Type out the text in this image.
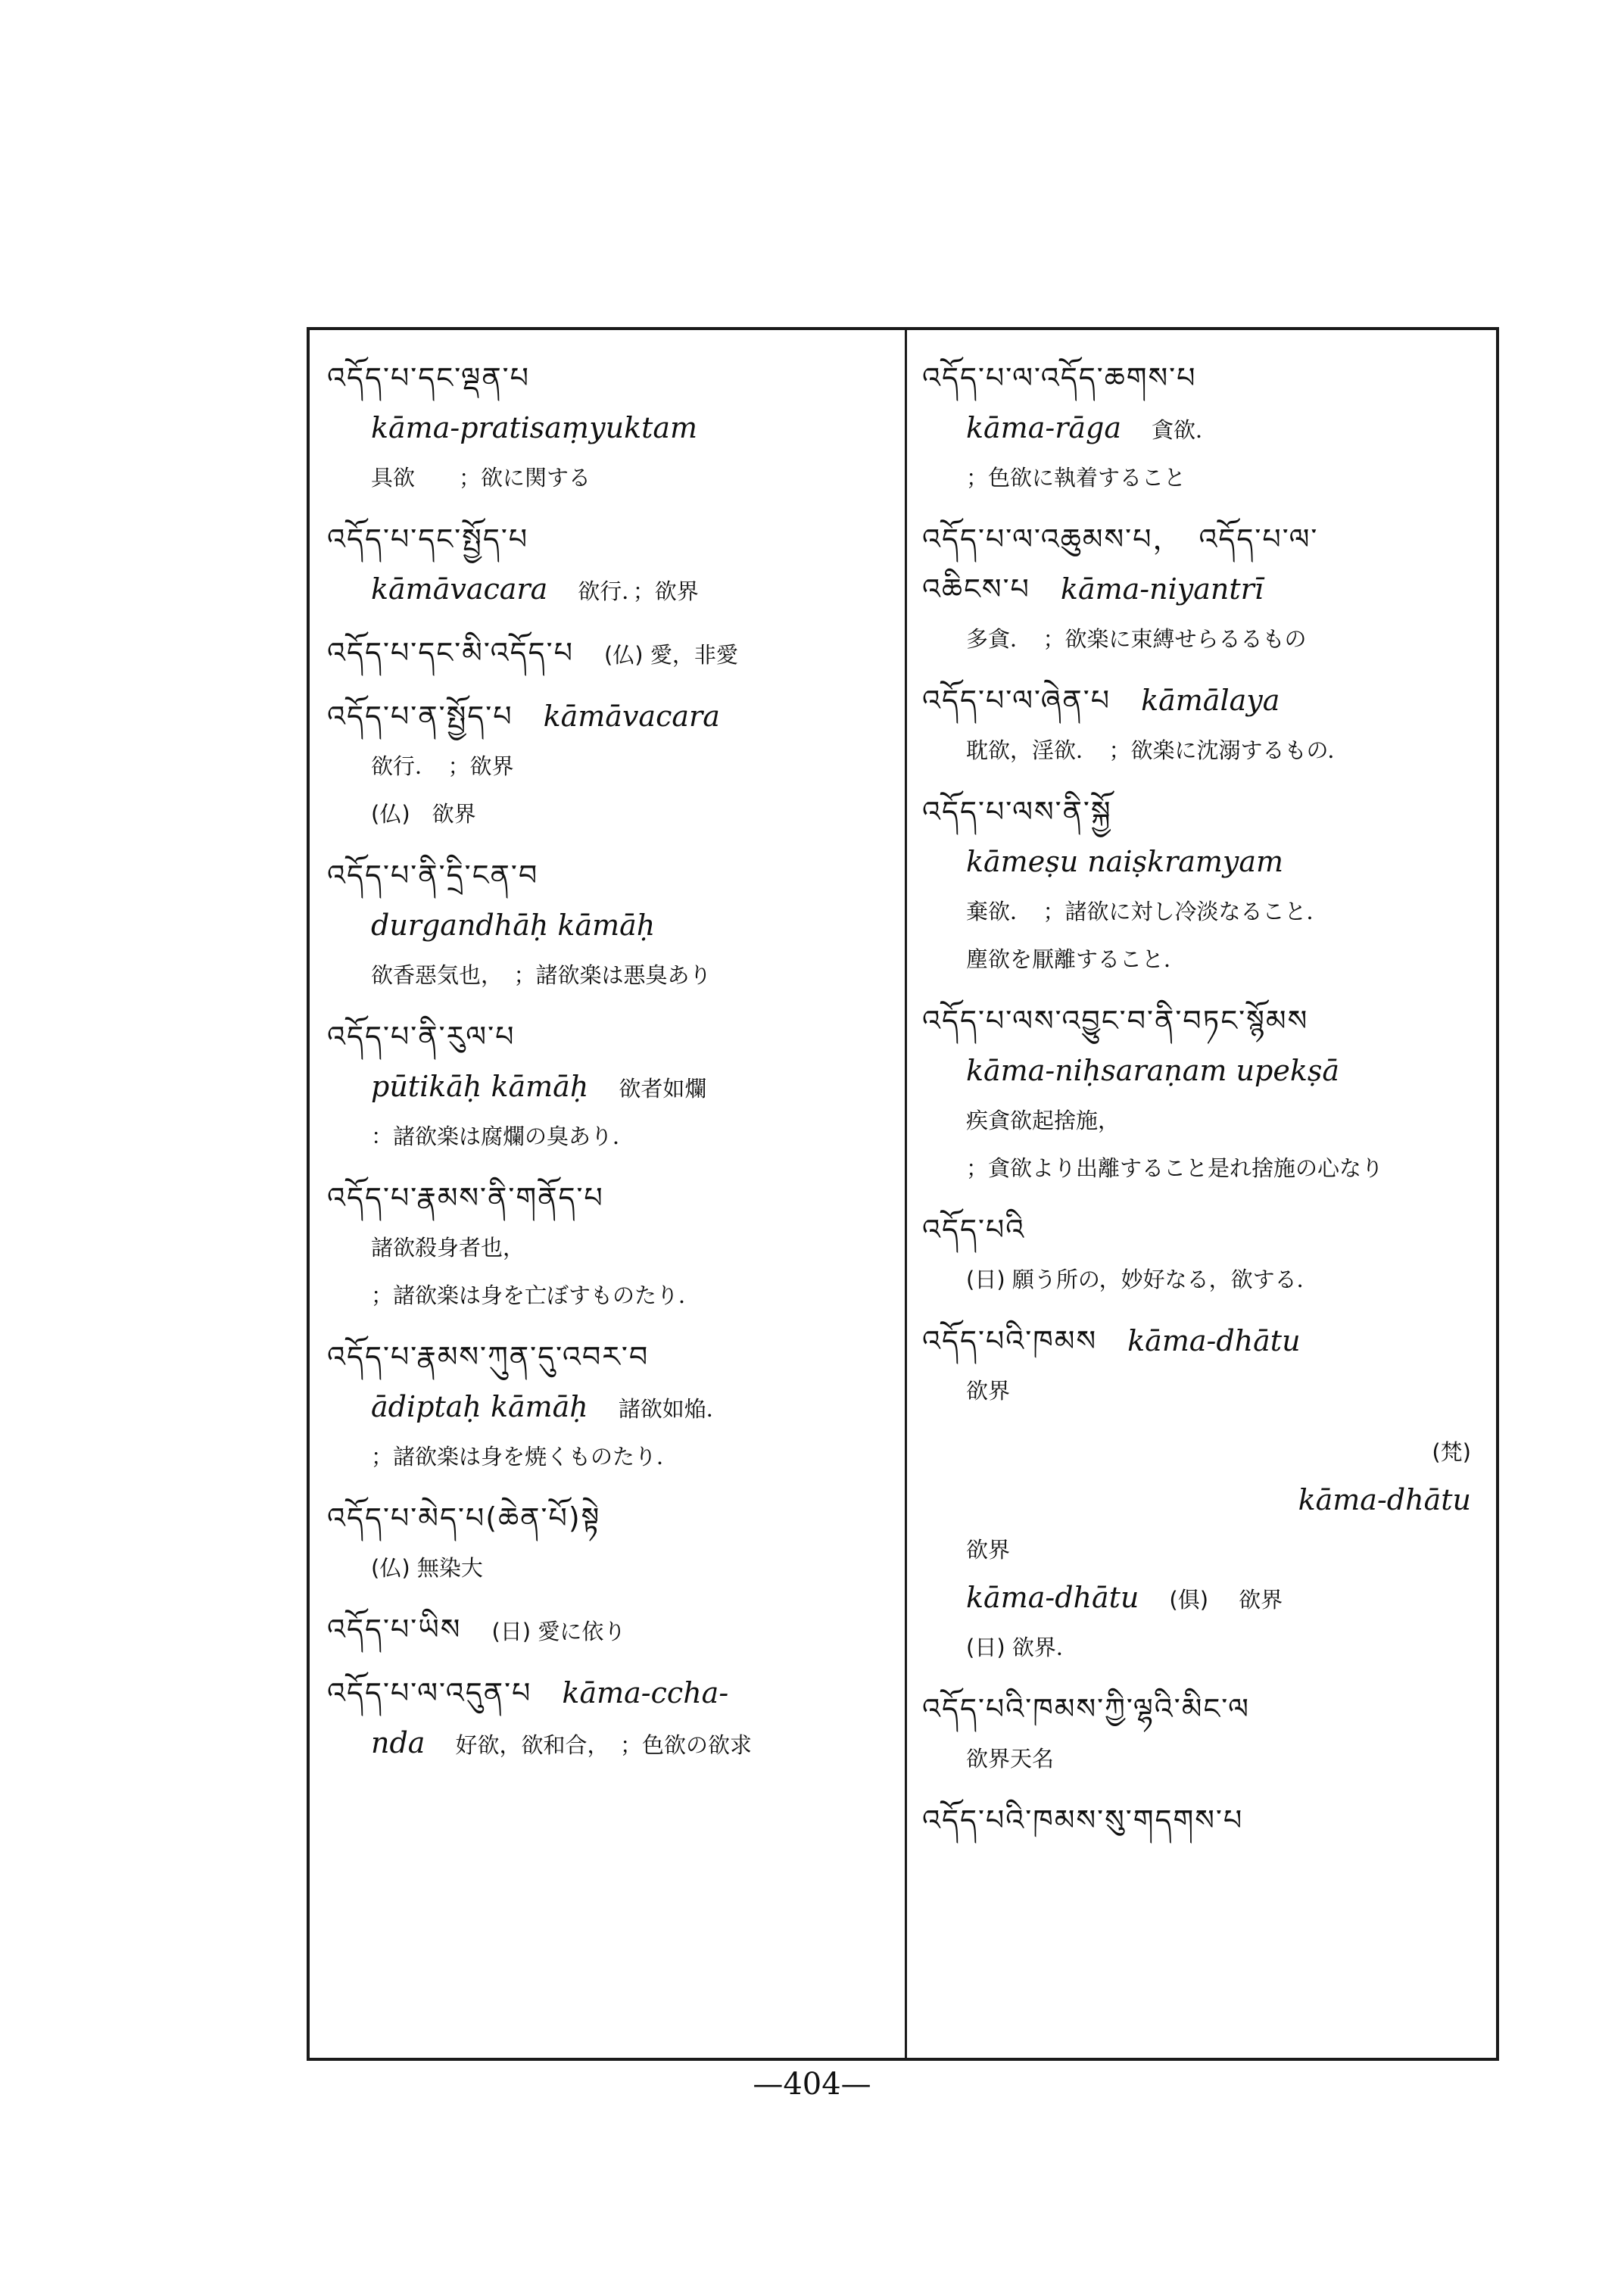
འདོད་པ་དང་ལྡན་པ
kāma-pratisaṃyuktam
具欲　　；欲に関する
འདོད་པ་དང་སྤྱོད་པ
kāmāvacara 欲行．；欲界
འདོད་པ་དང་མི་འདོད་པ (仏) 愛，非愛
འདོད་པ་ན་སྤྱོད་པ kāmāvacara
欲行．　；欲界
(仏)　欲界
འདོད་པ་ནི་དྲི་ངན་བ
durgandhāḥ kāmāḥ
欲香惡気也，　；諸欲楽は悪臭あり
འདོད་པ་ནི་རུལ་པ
pūtikāḥ kāmāḥ 欲者如爛
：諸欲楽は腐爛の臭あり．
འདོད་པ་རྣམས་ནི་གནོད་པ
諸欲殺身者也，
；諸欲楽は身を亡ぼすものたり．
འདོད་པ་རྣམས་ཀུན་དུ་འབར་བ
ādiptaḥ kāmāḥ 諸欲如焔．
；諸欲楽は身を焼くものたり．
འདོད་པ་མེད་པ(ཆེན་པོ)སྟེ
(仏) 無染大
འདོད་པ་ཡིས (日) 愛に依り
འདོད་པ་ལ་འདུན་པ kāma-ccha-
nda 好欲，欲和合，　；色欲の欲求
འདོད་པ་ལ་འདོད་ཆགས་པ
kāma-rāga 貪欲．
；色欲に執着すること
འདོད་པ་ལ་འཆུམས་པ，　འདོད་པ་ལ་
འཆིངས་པ kāma-niyantrī
多貪．　；欲楽に束縛せらるるもの
འདོད་པ་ལ་ཞེན་པ kāmālaya
耽欲，淫欲．　；欲楽に沈溺するもの．
འདོད་པ་ལས་ནི་སྐྱོ
kāmeṣu naiṣkramyam
棄欲．　；諸欲に対し冷淡なること．
塵欲を厭離すること．
འདོད་པ་ལས་འབྱུང་བ་ནི་བཏང་སྙོམས
kāma-niḥsaraṇam upekṣā
疾貪欲起捨施，
；貪欲より出離すること是れ捨施の心なり
འདོད་པའི
(日) 願う所の，妙好なる，欲する．
འདོད་པའི་ཁམས kāma-dhātu
欲界
(梵)
kāma-dhātu
欲界
kāma-dhātu (俱) 欲界
(日) 欲界．
འདོད་པའི་ཁམས་ཀྱི་ལྷའི་མིང་ལ
欲界天名
འདོད་པའི་ཁམས་སུ་གདགས་པ
—404—
